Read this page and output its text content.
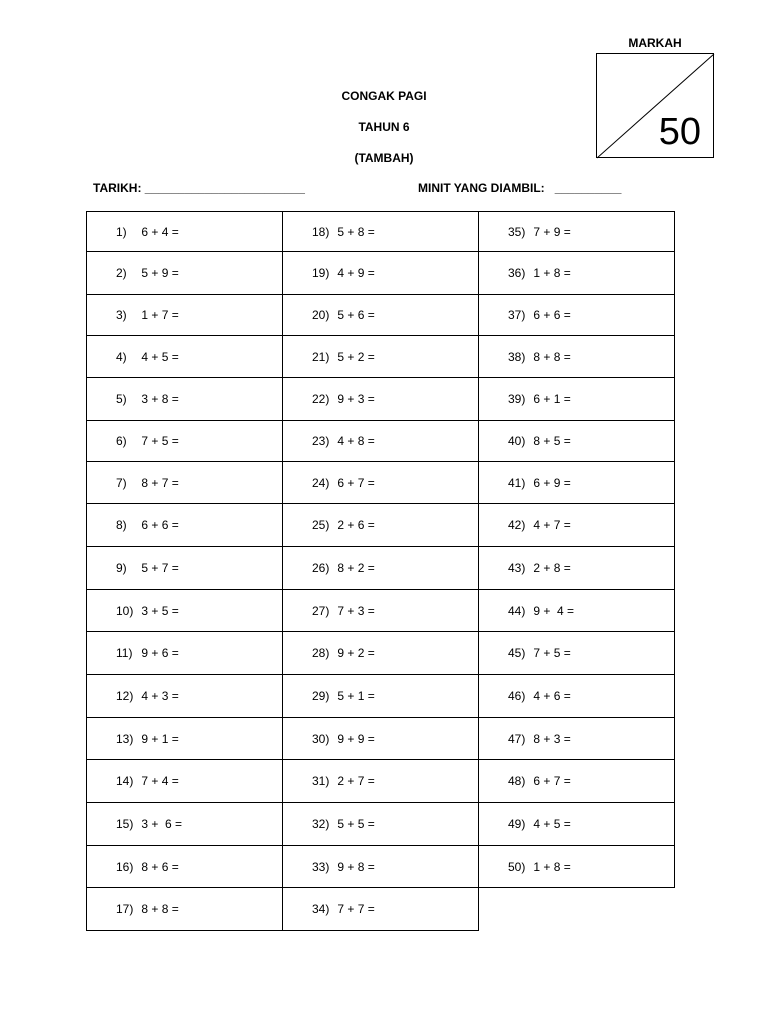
MARKAH
50
CONGAK PAGI
TAHUN 6
(TAMBAH)
TARIKH: ________________________	MINIT YANG DIAMBIL: __________
1) 6 + 4 =	18) 5 + 8 =	35) 7 + 9 =

2) 5 + 9 =	19) 4 + 9 =	36) 1 + 8 =

3) 1 + 7 =	20) 5 + 6 =	37) 6 + 6 =

4) 4 + 5 =	21) 5 + 2 =	38) 8 + 8 =

5) 3 + 8 =	22) 9 + 3 =	39) 6 + 1 =

6) 7 + 5 =	23) 4 + 8 =	40) 8 + 5 =

7) 8 + 7 =	24) 6 + 7 =	41) 6 + 9 =

8) 6 + 6 =	25) 2 + 6 =	42) 4 + 7 =

9) 5 + 7 =	26) 8 + 2 =	43) 2 + 8 =

10) 3 + 5 =	27) 7 + 3 =	44) 9 +  4 =

11) 9 + 6 =	28) 9 + 2 =	45) 7 + 5 =

12) 4 + 3 =	29) 5 + 1 =	46) 4 + 6 =

13) 9 + 1 =	30) 9 + 9 =	47) 8 + 3 =

14) 7 + 4 =	31) 2 + 7 =	48) 6 + 7 =

15) 3 +  6 =	32) 5 + 5 =	49) 4 + 5 =

16) 8 + 6 =	33) 9 + 8 =	50) 1 + 8 =

17) 8 + 8 =	34) 7 + 7 =	
